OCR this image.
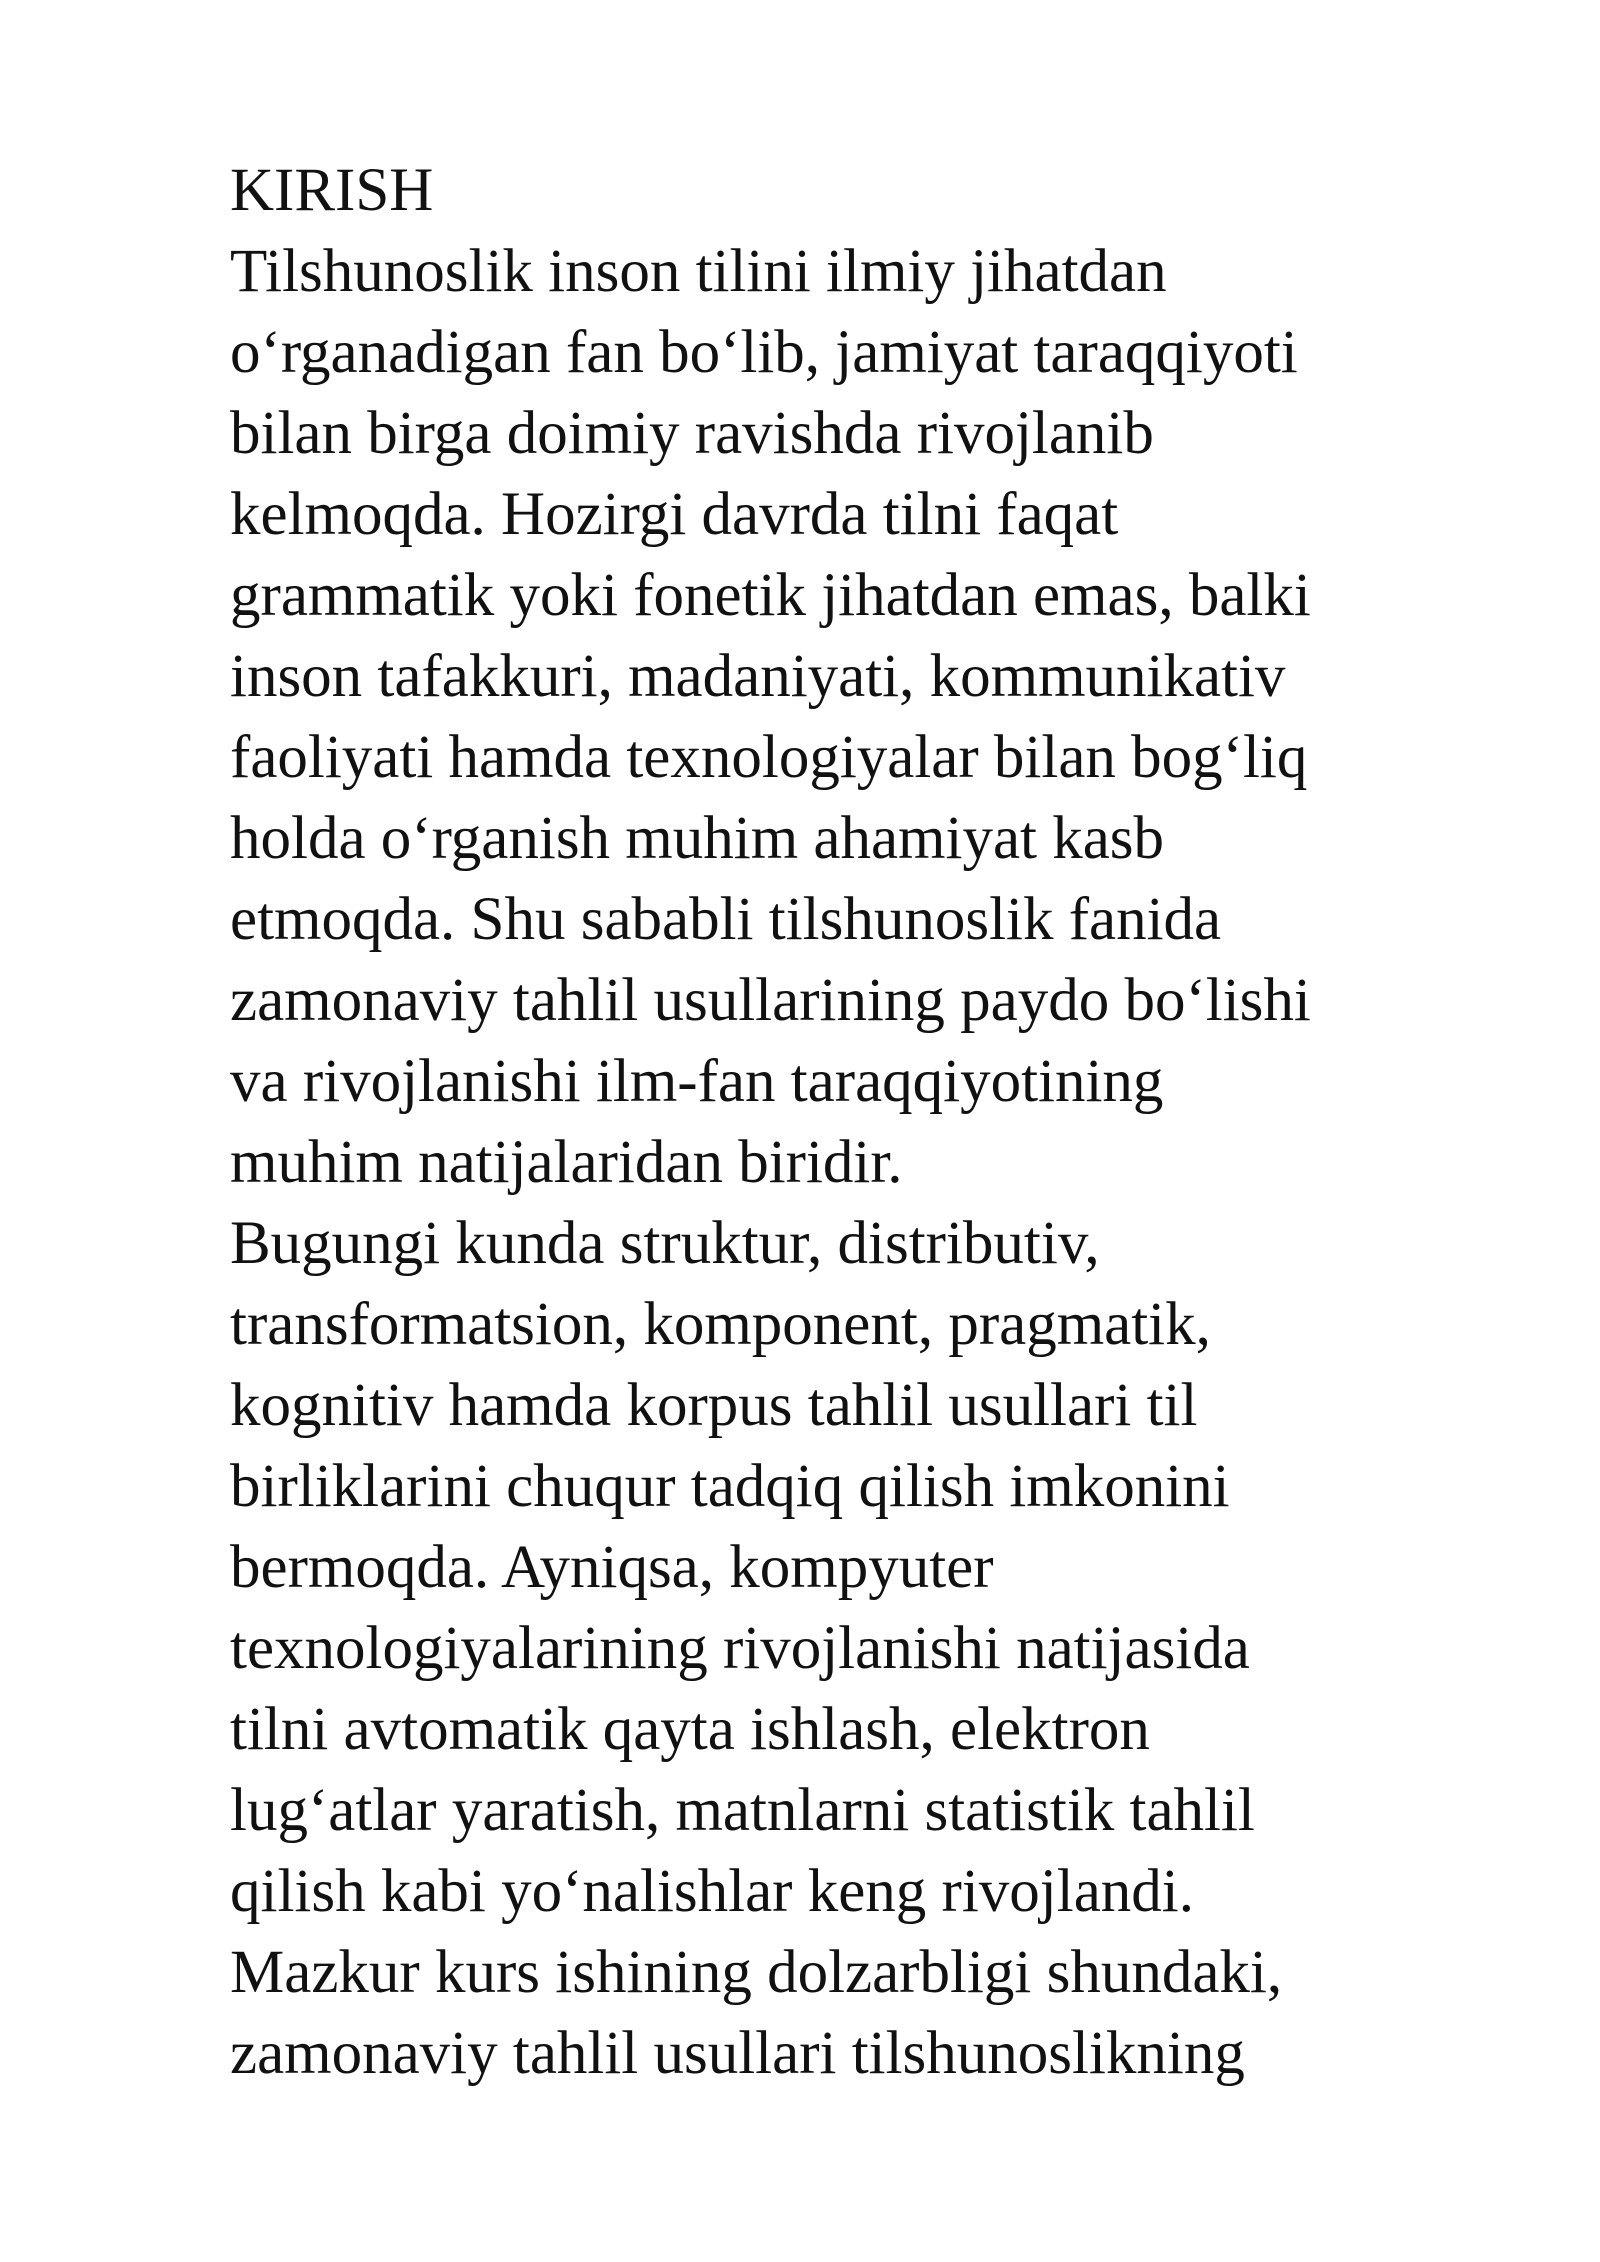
KIRISH
Tilshunoslik inson tilini ilmiy jihatdan
o‘rganadigan fan bo‘lib, jamiyat taraqqiyoti
bilan birga doimiy ravishda rivojlanib
kelmoqda. Hozirgi davrda tilni faqat
grammatik yoki fonetik jihatdan emas, balki
inson tafakkuri, madaniyati, kommunikativ
faoliyati hamda texnologiyalar bilan bog‘liq
holda o‘rganish muhim ahamiyat kasb
etmoqda. Shu sababli tilshunoslik fanida
zamonaviy tahlil usullarining paydo bo‘lishi
va rivojlanishi ilm-fan taraqqiyotining
muhim natijalaridan biridir.
Bugungi kunda struktur, distributiv,
transformatsion, komponent, pragmatik,
kognitiv hamda korpus tahlil usullari til
birliklarini chuqur tadqiq qilish imkonini
bermoqda. Ayniqsa, kompyuter
texnologiyalarining rivojlanishi natijasida
tilni avtomatik qayta ishlash, elektron
lug‘atlar yaratish, matnlarni statistik tahlil
qilish kabi yo‘nalishlar keng rivojlandi.
Mazkur kurs ishining dolzarbligi shundaki,
zamonaviy tahlil usullari tilshunoslikning
